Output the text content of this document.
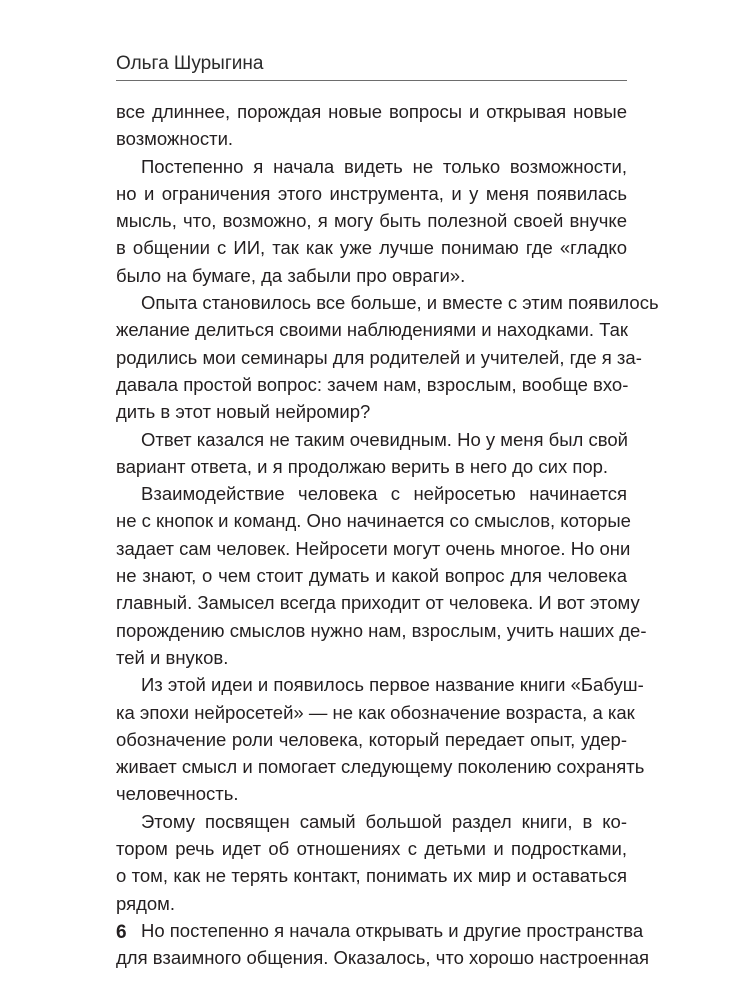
Ольга Шурыгина

все длиннее, порождая новые вопросы и открывая новые
возможности.

Постепенно я начала видеть не только возможности,
но и ограничения этого инструмента, и у меня появилась
мысль, что, возможно, я могу быть полезной своей внучке
в общении с ИИ, так как уже лучше понимаю где «гладко
было на бумаге, да забыли про овраги».

Опыта становилось все больше, и вместе с этим появилось
желание делиться своими наблюдениями и находками. Так
родились мои семинары для родителей и учителей, где я за-
давала простой вопрос: зачем нам, взрослым, вообще вхо-
дить в этот новый нейромир?

Ответ казался не таким очевидным. Но у меня был свой
вариант ответа, и я продолжаю верить в него до сих пор.

Взаимодействие человека с нейросетью начинается
не с кнопок и команд. Оно начинается со смыслов, которые
задает сам человек. Нейросети могут очень многое. Но они
не знают, о чем стоит думать и какой вопрос для человека
главный. Замысел всегда приходит от человека. И вот этому
порождению смыслов нужно нам, взрослым, учить наших де-
тей и внуков.

Из этой идеи и появилось первое название книги «Бабуш-
ка эпохи нейросетей» — не как обозначение возраста, а как
обозначение роли человека, который передает опыт, удер-
живает смысл и помогает следующему поколению сохранять
человечность.

Этому посвящен самый большой раздел книги, в ко-
тором речь идет об отношениях с детьми и подростками,
о том, как не терять контакт, понимать их мир и оставаться
рядом.

Но постепенно я начала открывать и другие пространства
для взаимного общения. Оказалось, что хорошо настроенная

6
